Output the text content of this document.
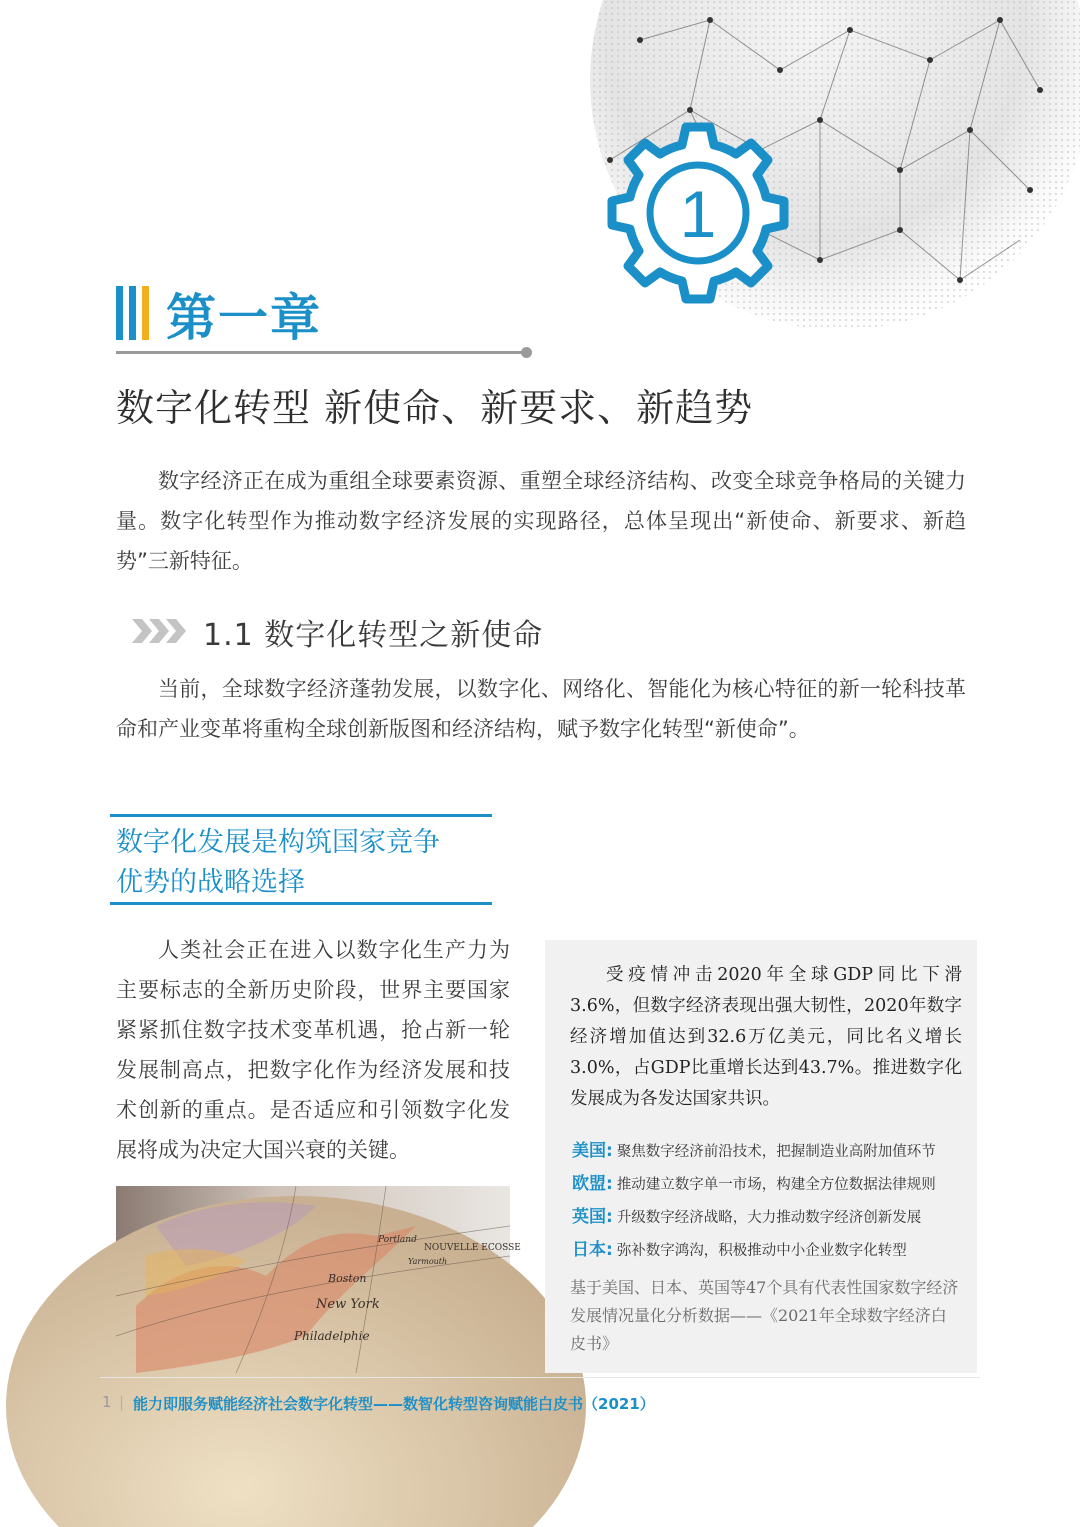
1
第一章
数字化转型 新使命、新要求、新趋势

数字经济正在成为重组全球要素资源、重塑全球经济结构、改变全球竞争格局的关键力量。数字化转型作为推动数字经济发展的实现路径，总体呈现出“新使命、新要求、新趋势”三新特征。

1.1 数字化转型之新使命

当前，全球数字经济蓬勃发展，以数字化、网络化、智能化为核心特征的新一轮科技革命和产业变革将重构全球创新版图和经济结构，赋予数字化转型“新使命”。

数字化发展是构筑国家竞争
优势的战略选择

人类社会正在进入以数字化生产力为主要标志的全新历史阶段，世界主要国家紧紧抓住数字技术变革机遇，抢占新一轮发展制高点，把数字化作为经济发展和技术创新的重点。是否适应和引领数字化发展将成为决定大国兴衰的关键。

Boston
New York
Philadelphie
Portland
NOUVELLE ECOSSE
Yarmouth

受疫情冲击2020年全球GDP同比下滑3.6%，但数字经济表现出强大韧性，2020年数字经济增加值达到32.6万亿美元，同比名义增长3.0%，占GDP比重增长达到43.7%。推进数字化发展成为各发达国家共识。

美国: 聚焦数字经济前沿技术，把握制造业高附加值环节
欧盟: 推动建立数字单一市场，构建全方位数据法律规则
英国: 升级数字经济战略，大力推动数字经济创新发展
日本: 弥补数字鸿沟，积极推动中小企业数字化转型
基于美国、日本、英国等47个具有代表性国家数字经济发展情况量化分析数据——《2021年全球数字经济白皮书》
1 | 能力即服务赋能经济社会数字化转型——数智化转型咨询赋能白皮书（2021）
